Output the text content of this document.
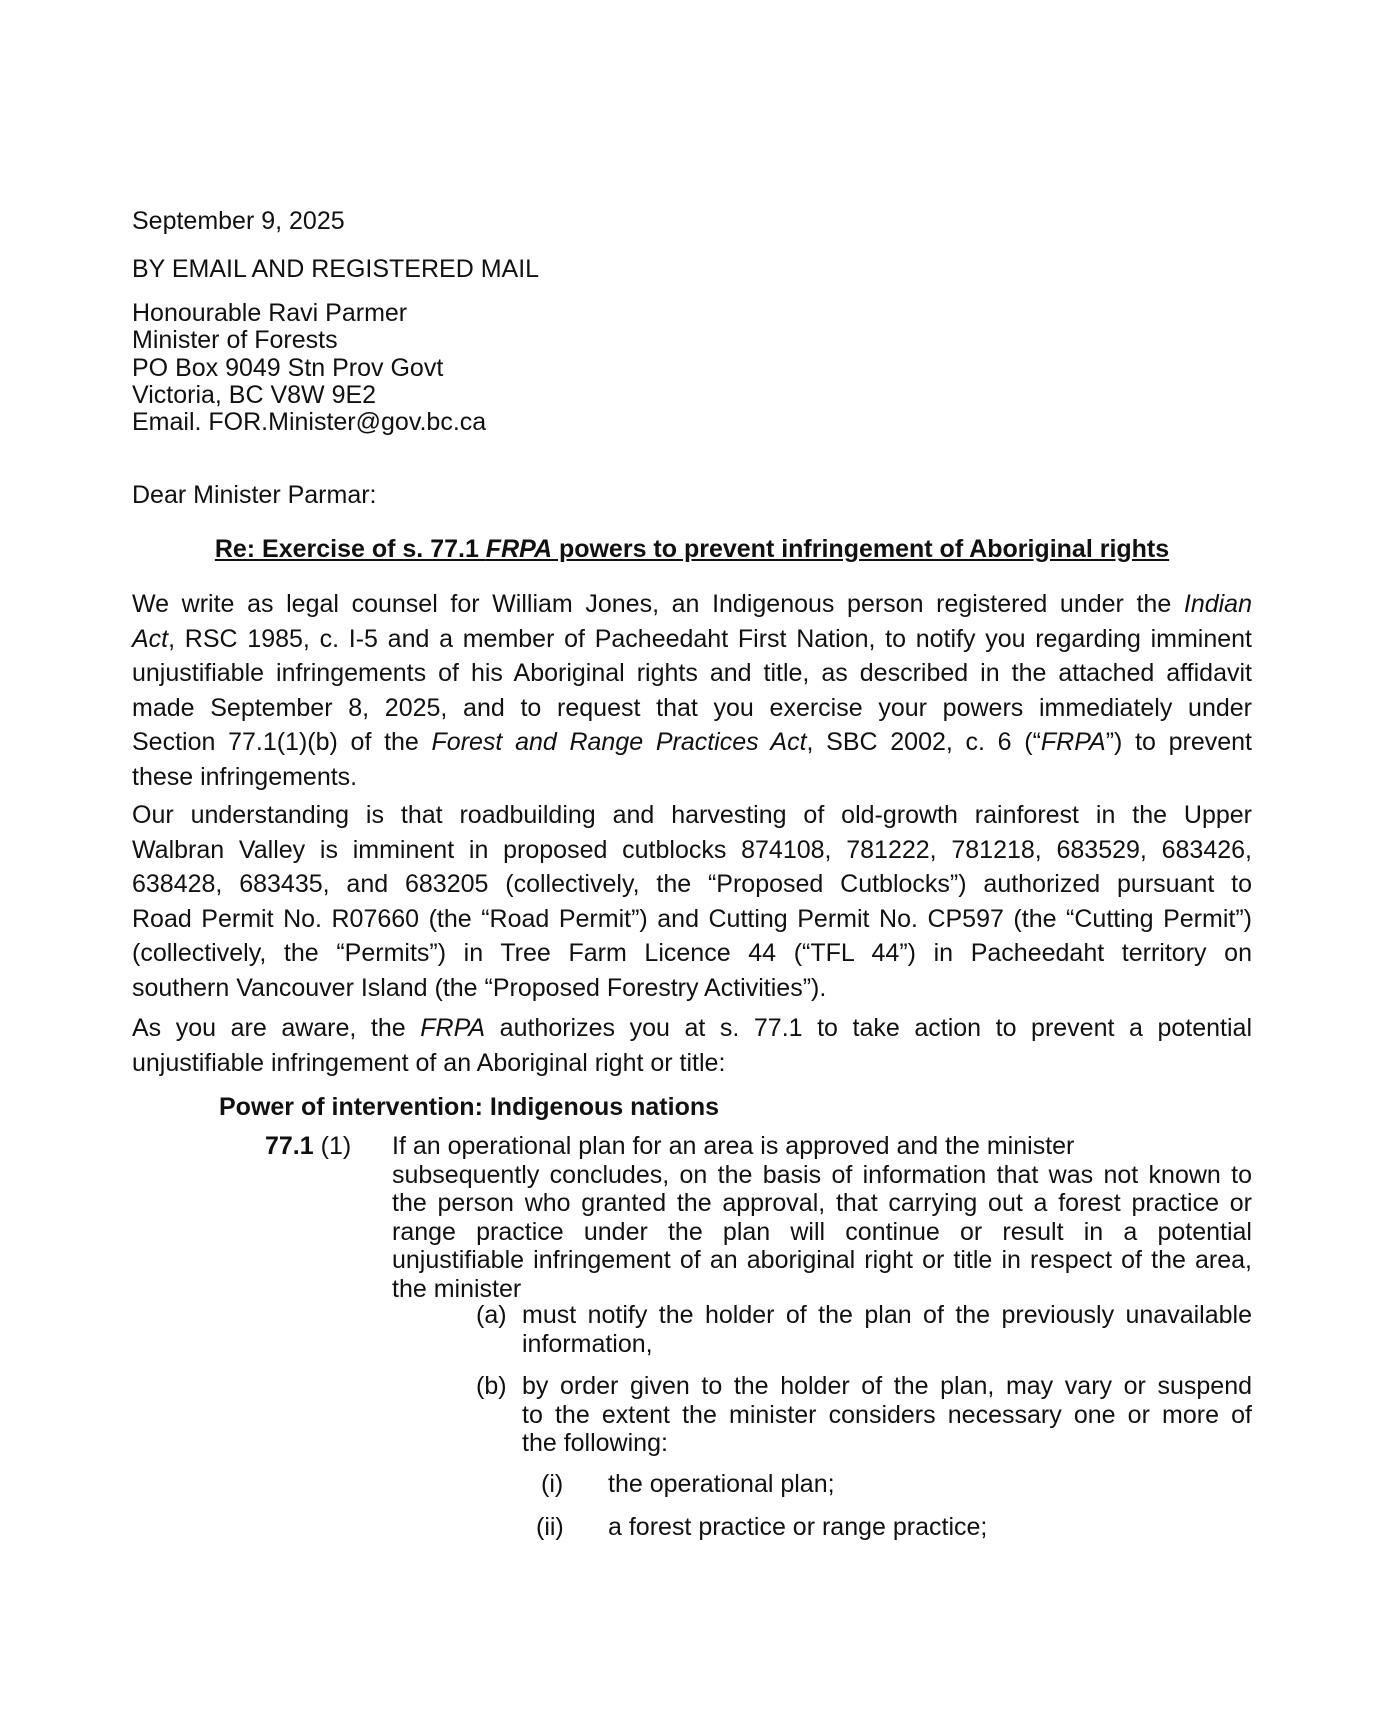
September 9, 2025
BY EMAIL AND REGISTERED MAIL
Honourable Ravi Parmer
Minister of Forests
PO Box 9049 Stn Prov Govt
Victoria, BC V8W 9E2
Email. FOR.Minister@gov.bc.ca
Dear Minister Parmar:
Re: Exercise of s. 77.1 FRPA powers to prevent infringement of Aboriginal rights

We write as legal counsel for William Jones, an Indigenous person registered under the Indian

Act, RSC 1985, c. I-5 and a member of Pacheedaht First Nation, to notify you regarding imminent

unjustifiable infringements of his Aboriginal rights and title, as described in the attached affidavit

made September 8, 2025, and to request that you exercise your powers immediately under

Section 77.1(1)(b) of the Forest and Range Practices Act, SBC 2002, c. 6 (“FRPA”) to prevent

these infringements.

Our understanding is that roadbuilding and harvesting of old-growth rainforest in the Upper

Walbran Valley is imminent in proposed cutblocks 874108, 781222, 781218, 683529, 683426,

638428, 683435, and 683205 (collectively, the “Proposed Cutblocks”) authorized pursuant to

Road Permit No. R07660 (the “Road Permit”) and Cutting Permit No. CP597 (the “Cutting Permit”)

(collectively, the “Permits”) in Tree Farm Licence 44 (“TFL 44”) in Pacheedaht territory on

southern Vancouver Island (the “Proposed Forestry Activities”).

As you are aware, the FRPA authorizes you at s. 77.1 to take action to prevent a potential

unjustifiable infringement of an Aboriginal right or title:

Power of intervention: Indigenous nations
77.1 (1) If an operational plan for an area is approved and the minister
subsequently concludes, on the basis of information that was not known to
the person who granted the approval, that carrying out a forest practice or
range practice under the plan will continue or result in a potential
unjustifiable infringement of an aboriginal right or title in respect of the area,
the minister
(a) must notify the holder of the plan of the previously unavailable
information,
(b) by order given to the holder of the plan, may vary or suspend
to the extent the minister considers necessary one or more of
the following:
(i) the operational plan;
(ii) a forest practice or range practice;
